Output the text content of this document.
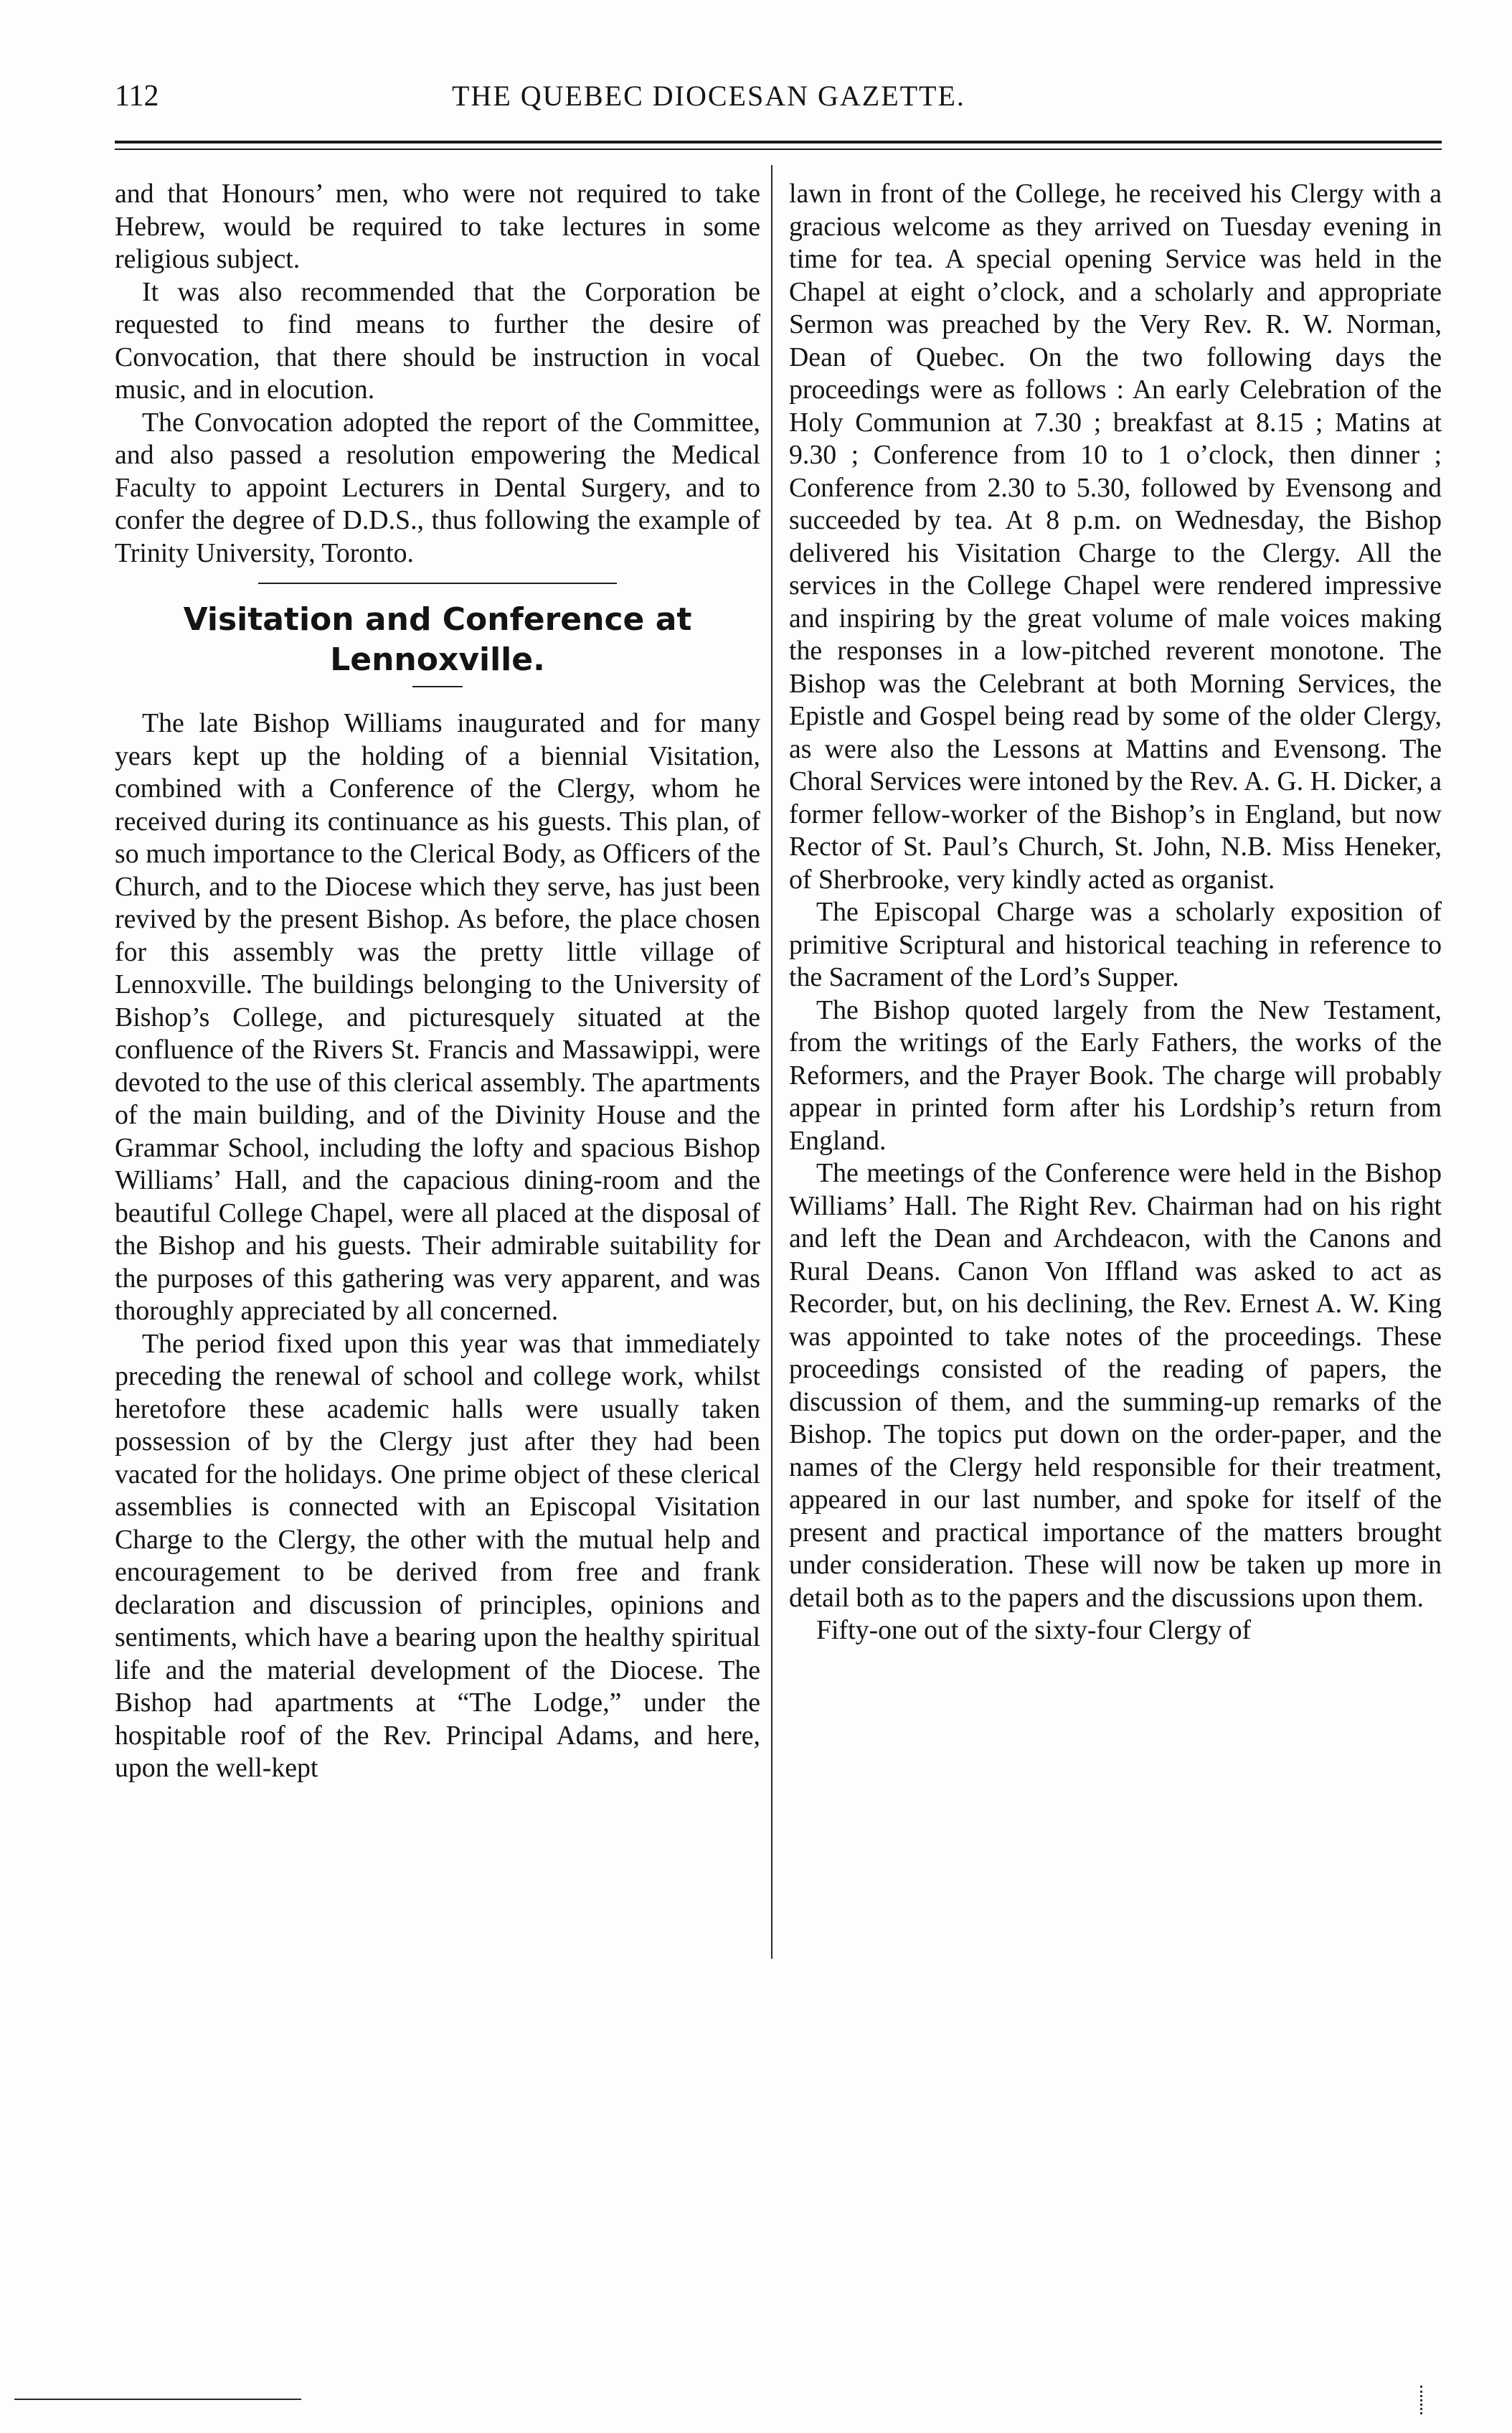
112	THE QUEBEC DIOCESAN GAZETTE.

and that Honours’ men, who were not required to take Hebrew, would be required to take lectures in some religious subject.

It was also recommended that the Corporation be requested to find means to further the desire of Convocation, that there should be instruction in vocal music, and in elocution.

The Convocation adopted the report of the Committee, and also passed a resolution empowering the Medical Faculty to appoint Lecturers in Dental Surgery, and to confer the degree of D.D.S., thus following the example of Trinity University, Toronto.

Visitation and Conference at
Lennoxville.

The late Bishop Williams inaugurated and for many years kept up the holding of a biennial Visitation, combined with a Conference of the Clergy, whom he received during its continuance as his guests. This plan, of so much importance to the Clerical Body, as Officers of the Church, and to the Diocese which they serve, has just been revived by the present Bishop. As before, the place chosen for this assembly was the pretty little village of Lennoxville. The buildings belonging to the University of Bishop’s College, and picturesquely situated at the confluence of the Rivers St. Francis and Massawippi, were devoted to the use of this clerical assembly. The apartments of the main building, and of the Divinity House and the Grammar School, including the lofty and spacious Bishop Williams’ Hall, and the capacious dining-room and the beautiful College Chapel, were all placed at the disposal of the Bishop and his guests. Their admirable suitability for the purposes of this gathering was very apparent, and was thoroughly appreciated by all concerned.

The period fixed upon this year was that immediately preceding the renewal of school and college work, whilst heretofore these academic halls were usually taken possession of by the Clergy just after they had been vacated for the holidays. One prime object of these clerical assemblies is connected with an Episcopal Visitation Charge to the Clergy, the other with the mutual help and encouragement to be derived from free and frank declaration and discussion of principles, opinions and sentiments, which have a bearing upon the healthy spiritual life and the material development of the Diocese. The Bishop had apartments at “The Lodge,” under the hospitable roof of the Rev. Principal Adams, and here, upon the well-kept

lawn in front of the College, he received his Clergy with a gracious welcome as they arrived on Tuesday evening in time for tea. A special opening Service was held in the Chapel at eight o’clock, and a scholarly and appropriate Sermon was preached by the Very Rev. R. W. Norman, Dean of Quebec. On the two following days the proceedings were as follows : An early Celebration of the Holy Communion at 7.30 ; breakfast at 8.15 ; Matins at 9.30 ; Conference from 10 to 1 o’clock, then dinner ; Conference from 2.30 to 5.30, followed by Evensong and succeeded by tea. At 8 p.m. on Wednesday, the Bishop delivered his Visitation Charge to the Clergy. All the services in the College Chapel were rendered impressive and inspiring by the great volume of male voices making the responses in a low-pitched reverent monotone. The Bishop was the Celebrant at both Morning Services, the Epistle and Gospel being read by some of the older Clergy, as were also the Lessons at Mattins and Evensong. The Choral Services were intoned by the Rev. A. G. H. Dicker, a former fellow-worker of the Bishop’s in England, but now Rector of St. Paul’s Church, St. John, N.B. Miss Heneker, of Sherbrooke, very kindly acted as organist.

The Episcopal Charge was a scholarly exposition of primitive Scriptural and historical teaching in reference to the Sacrament of the Lord’s Supper.

The Bishop quoted largely from the New Testament, from the writings of the Early Fathers, the works of the Reformers, and the Prayer Book. The charge will probably appear in printed form after his Lordship’s return from England.

The meetings of the Conference were held in the Bishop Williams’ Hall. The Right Rev. Chairman had on his right and left the Dean and Archdeacon, with the Canons and Rural Deans. Canon Von Iffland was asked to act as Recorder, but, on his declining, the Rev. Ernest A. W. King was appointed to take notes of the proceedings. These proceedings consisted of the reading of papers, the discussion of them, and the summing-up remarks of the Bishop. The topics put down on the order-paper, and the names of the Clergy held responsible for their treatment, appeared in our last number, and spoke for itself of the present and practical importance of the matters brought under consideration. These will now be taken up more in detail both as to the papers and the discussions upon them.

Fifty-one out of the sixty-four Clergy of
